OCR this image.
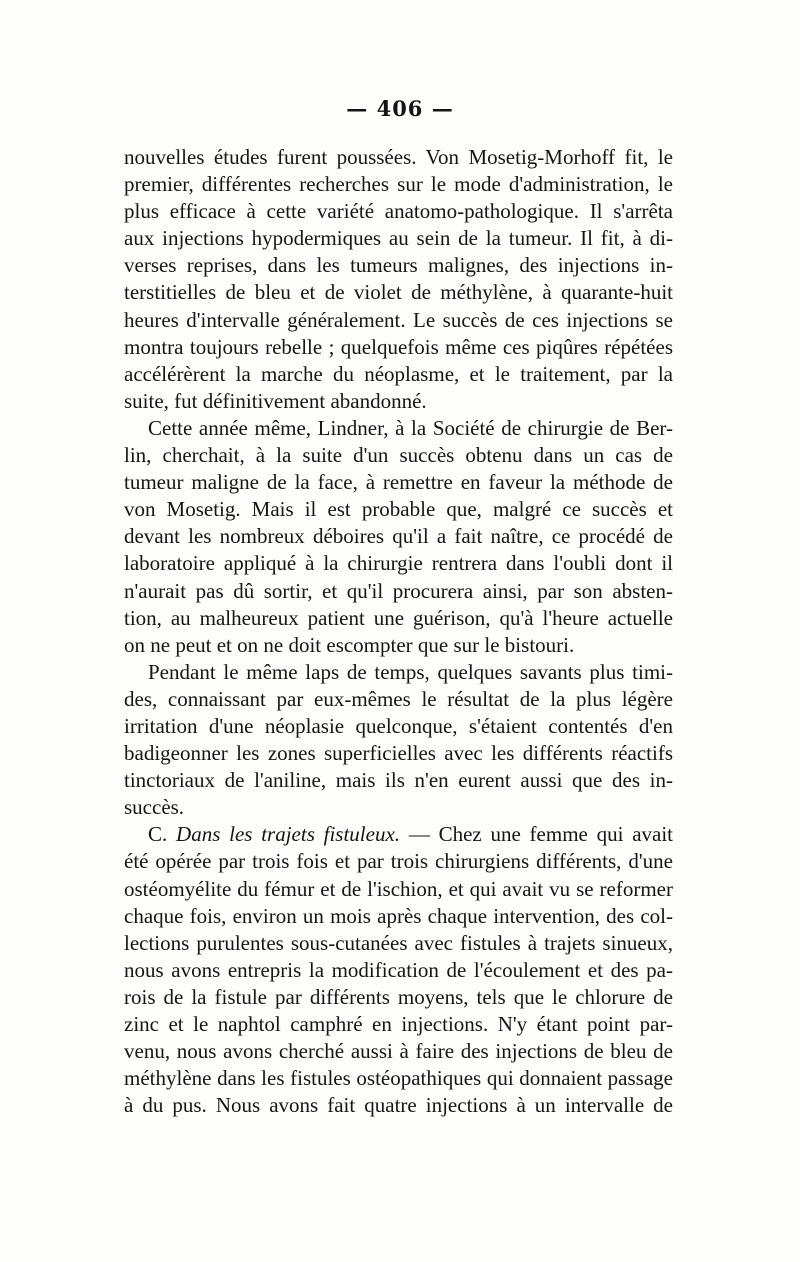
— 406 —
nouvelles études furent poussées. Von Mosetig-Morhoff fit, le
premier, différentes recherches sur le mode d'administration, le
plus efficace à cette variété anatomo-pathologique. Il s'arrêta
aux injections hypodermiques au sein de la tumeur. Il fit, à di-
verses reprises, dans les tumeurs malignes, des injections in-
terstitielles de bleu et de violet de méthylène, à quarante-huit
heures d'intervalle généralement. Le succès de ces injections se
montra toujours rebelle ; quelquefois même ces piqûres répétées
accélérèrent la marche du néoplasme, et le traitement, par la
suite, fut définitivement abandonné.
Cette année même, Lindner, à la Société de chirurgie de Ber-
lin, cherchait, à la suite d'un succès obtenu dans un cas de
tumeur maligne de la face, à remettre en faveur la méthode de
von Mosetig. Mais il est probable que, malgré ce succès et
devant les nombreux déboires qu'il a fait naître, ce procédé de
laboratoire appliqué à la chirurgie rentrera dans l'oubli dont il
n'aurait pas dû sortir, et qu'il procurera ainsi, par son absten-
tion, au malheureux patient une guérison, qu'à l'heure actuelle
on ne peut et on ne doit escompter que sur le bistouri.
Pendant le même laps de temps, quelques savants plus timi-
des, connaissant par eux-mêmes le résultat de la plus légère
irritation d'une néoplasie quelconque, s'étaient contentés d'en
badigeonner les zones superficielles avec les différents réactifs
tinctoriaux de l'aniline, mais ils n'en eurent aussi que des in-
succès.
C. Dans les trajets fistuleux. — Chez une femme qui avait
été opérée par trois fois et par trois chirurgiens différents, d'une
ostéomyélite du fémur et de l'ischion, et qui avait vu se reformer
chaque fois, environ un mois après chaque intervention, des col-
lections purulentes sous-cutanées avec fistules à trajets sinueux,
nous avons entrepris la modification de l'écoulement et des pa-
rois de la fistule par différents moyens, tels que le chlorure de
zinc et le naphtol camphré en injections. N'y étant point par-
venu, nous avons cherché aussi à faire des injections de bleu de
méthylène dans les fistules ostéopathiques qui donnaient passage
à du pus. Nous avons fait quatre injections à un intervalle de
